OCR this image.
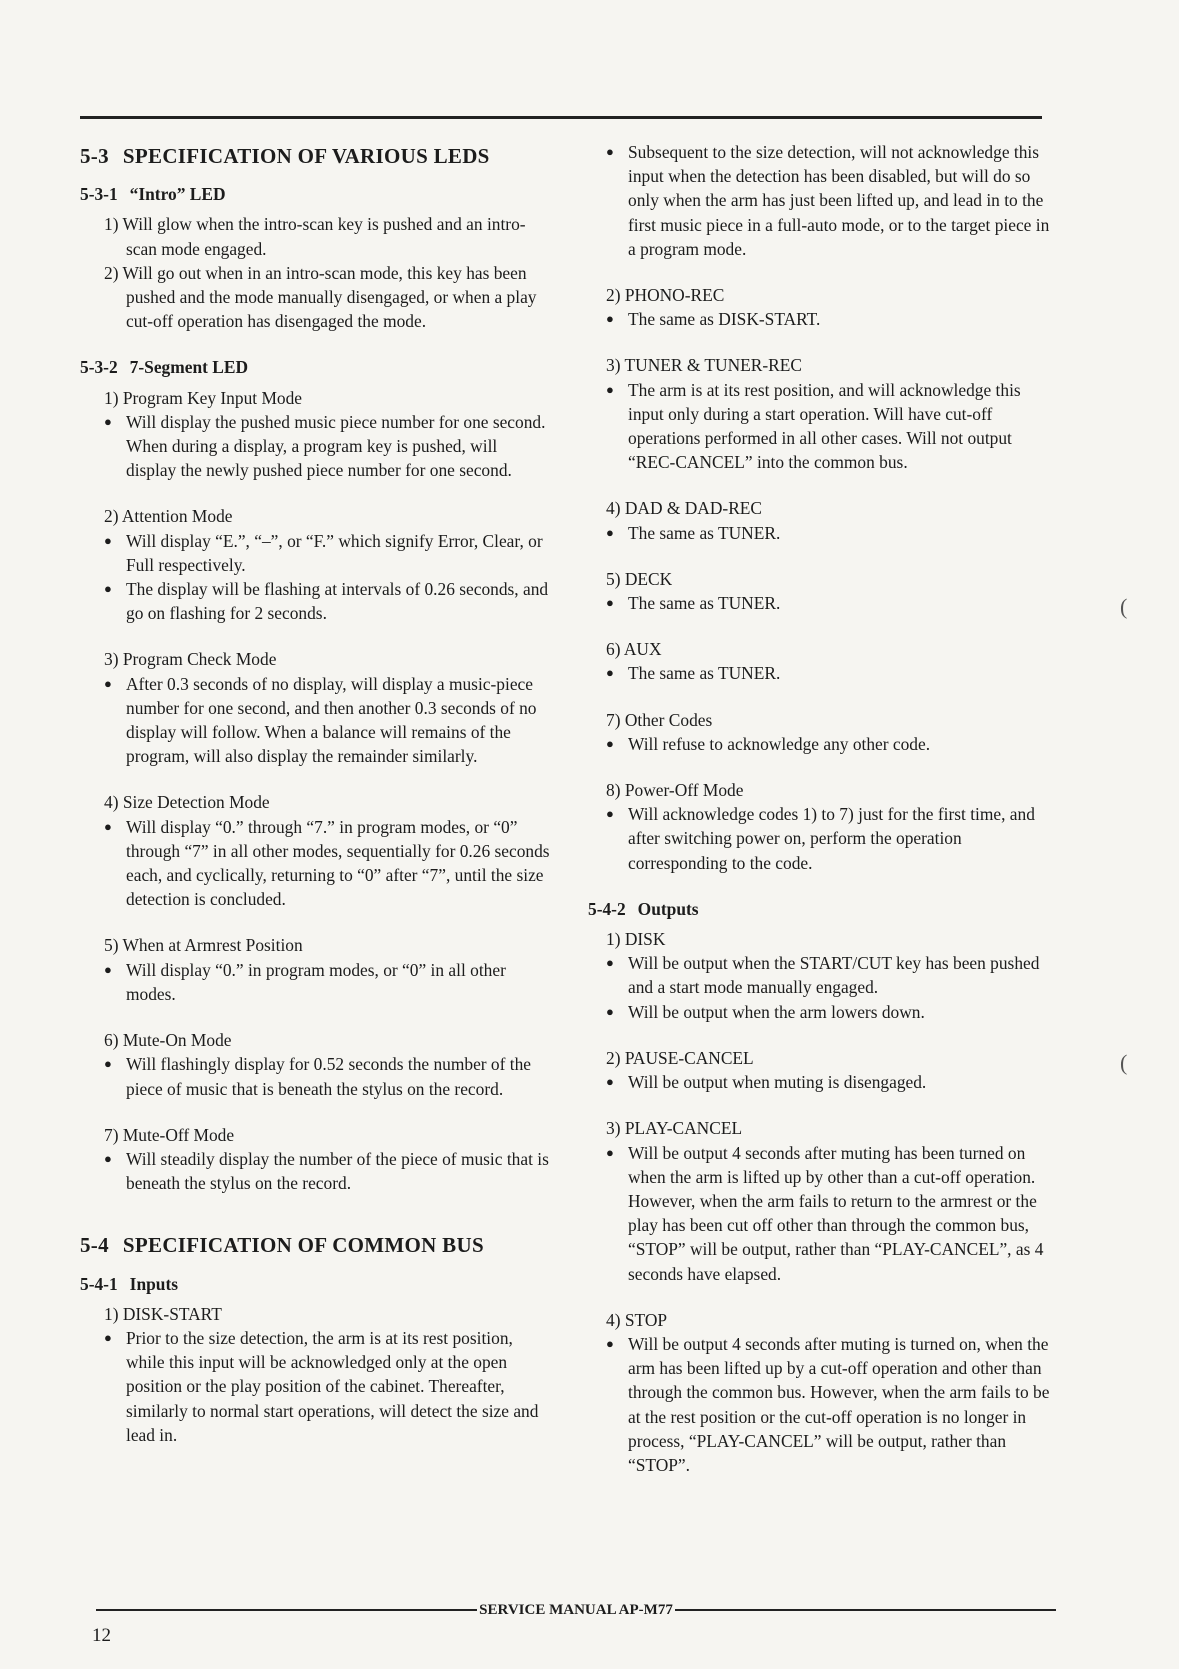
5-3 SPECIFICATION OF VARIOUS LEDS
5-3-1 “Intro” LED
1) Will glow when the intro-scan key is pushed and an intro-scan mode engaged.
2) Will go out when in an intro-scan mode, this key has been pushed and the mode manually disengaged, or when a play cut-off operation has disengaged the mode.
5-3-2 7-Segment LED
1) Program Key Input Mode
● Will display the pushed music piece number for one second. When during a display, a program key is pushed, will display the newly pushed piece number for one second.
2) Attention Mode
● Will display “E.”, “–”, or “F.” which signify Error, Clear, or Full respectively.
● The display will be flashing at intervals of 0.26 seconds, and go on flashing for 2 seconds.
3) Program Check Mode
● After 0.3 seconds of no display, will display a music-piece number for one second, and then another 0.3 seconds of no display will follow. When a balance will remains of the program, will also display the remainder similarly.
4) Size Detection Mode
● Will display “0.” through “7.” in program modes, or “0” through “7” in all other modes, sequentially for 0.26 seconds each, and cyclically, returning to “0” after “7”, until the size detection is concluded.
5) When at Armrest Position
● Will display “0.” in program modes, or “0” in all other modes.
6) Mute-On Mode
● Will flashingly display for 0.52 seconds the number of the piece of music that is beneath the stylus on the record.
7) Mute-Off Mode
● Will steadily display the number of the piece of music that is beneath the stylus on the record.
5-4 SPECIFICATION OF COMMON BUS
5-4-1 Inputs
1) DISK-START
● Prior to the size detection, the arm is at its rest position, while this input will be acknowledged only at the open position or the play position of the cabinet. Thereafter, similarly to normal start operations, will detect the size and lead in.
● Subsequent to the size detection, will not acknowledge this input when the detection has been disabled, but will do so only when the arm has just been lifted up, and lead in to the first music piece in a full-auto mode, or to the target piece in a program mode.
2) PHONO-REC
● The same as DISK-START.
3) TUNER & TUNER-REC
● The arm is at its rest position, and will acknowledge this input only during a start operation. Will have cut-off operations performed in all other cases. Will not output “REC-CANCEL” into the common bus.
4) DAD & DAD-REC
● The same as TUNER.
5) DECK
● The same as TUNER.
6) AUX
● The same as TUNER.
7) Other Codes
● Will refuse to acknowledge any other code.
8) Power-Off Mode
● Will acknowledge codes 1) to 7) just for the first time, and after switching power on, perform the operation corresponding to the code.
5-4-2 Outputs
1) DISK
● Will be output when the START/CUT key has been pushed and a start mode manually engaged.
● Will be output when the arm lowers down.
2) PAUSE-CANCEL
● Will be output when muting is disengaged.
3) PLAY-CANCEL
● Will be output 4 seconds after muting has been turned on when the arm is lifted up by other than a cut-off operation. However, when the arm fails to return to the armrest or the play has been cut off other than through the common bus, “STOP” will be output, rather than “PLAY-CANCEL”, as 4 seconds have elapsed.
4) STOP
● Will be output 4 seconds after muting is turned on, when the arm has been lifted up by a cut-off operation and other than through the common bus. However, when the arm fails to be at the rest position or the cut-off operation is no longer in process, “PLAY-CANCEL” will be output, rather than “STOP”.
(
(
SERVICE MANUAL AP-M77
12
